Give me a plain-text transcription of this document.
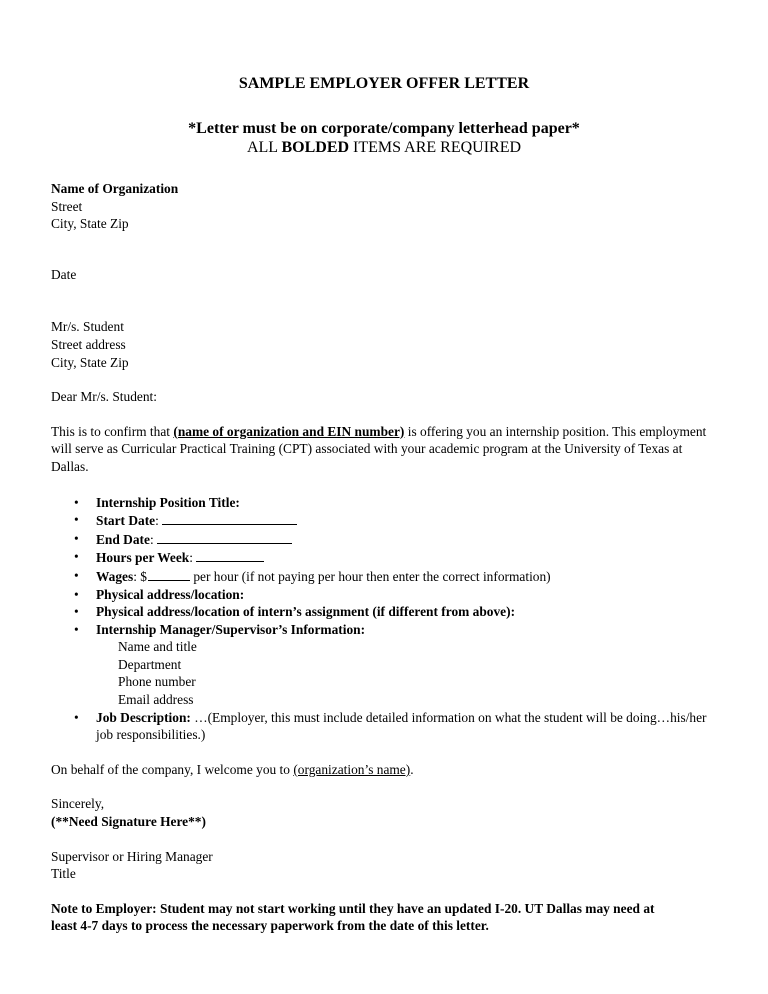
SAMPLE EMPLOYER OFFER LETTER
*Letter must be on corporate/company letterhead paper*
ALL BOLDED ITEMS ARE REQUIRED
Name of Organization
Street
City, State Zip
Date
Mr/s. Student
Street address
City, State Zip
Dear Mr/s. Student:
This is to confirm that (name of organization and EIN number) is offering you an internship position. This employment will serve as Curricular Practical Training (CPT) associated with your academic program at the University of Texas at Dallas.
• Internship Position Title:
• Start Date:
• End Date:
• Hours per Week:
• Wages: $	per hour (if not paying per hour then enter the correct information)
• Physical address/location:
• Physical address/location of intern’s assignment (if different from above):
• Internship Manager/Supervisor’s Information:
Name and title
Department
Phone number
Email address
• Job Description: …(Employer, this must include detailed information on what the student will be doing…his/her job responsibilities.)
On behalf of the company, I welcome you to (organization’s name).
Sincerely,
(**Need Signature Here**)
Supervisor or Hiring Manager
Title
Note to Employer: Student may not start working until they have an updated I-20. UT Dallas may need at least 4-7 days to process the necessary paperwork from the date of this letter.
